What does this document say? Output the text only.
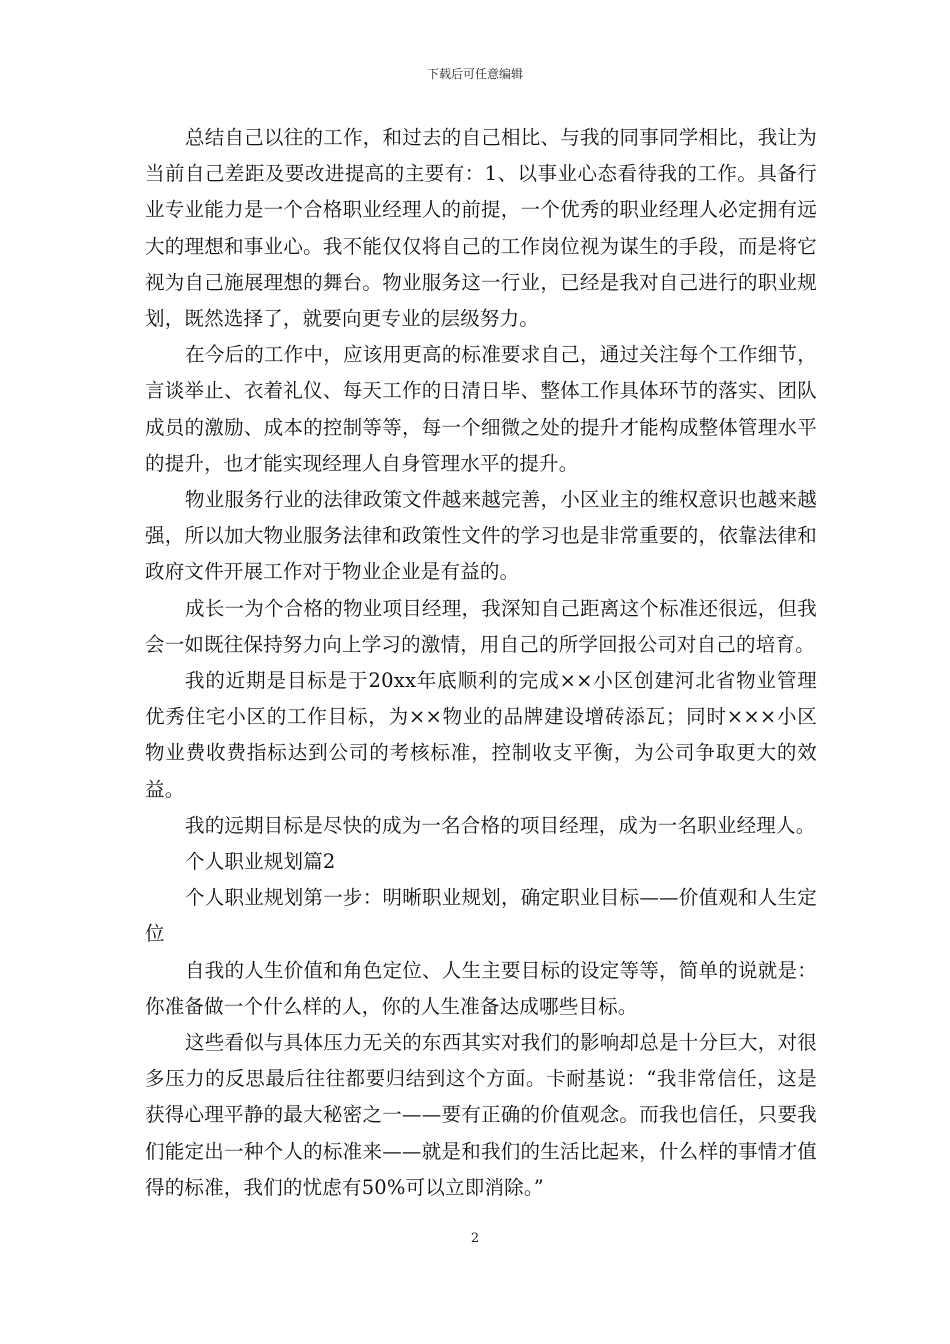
下载后可任意编辑

总结自己以往的工作，和过去的自己相比、与我的同事同学相比，我让为当前自己差距及要改进提高的主要有：1、以事业心态看待我的工作。具备行业专业能力是一个合格职业经理人的前提，一个优秀的职业经理人必定拥有远大的理想和事业心。我不能仅仅将自己的工作岗位视为谋生的手段，而是将它视为自己施展理想的舞台。物业服务这一行业，已经是我对自己进行的职业规划，既然选择了，就要向更专业的层级努力。

在今后的工作中，应该用更高的标准要求自己，通过关注每个工作细节，言谈举止、衣着礼仪、每天工作的日清日毕、整体工作具体环节的落实、团队成员的激励、成本的控制等等，每一个细微之处的提升才能构成整体管理水平的提升，也才能实现经理人自身管理水平的提升。

物业服务行业的法律政策文件越来越完善，小区业主的维权意识也越来越强，所以加大物业服务法律和政策性文件的学习也是非常重要的，依靠法律和政府文件开展工作对于物业企业是有益的。

成长一为个合格的物业项目经理，我深知自己距离这个标准还很远，但我会一如既往保持努力向上学习的激情，用自己的所学回报公司对自己的培育。

我的近期是目标是于20xx年底顺利的完成××小区创建河北省物业管理优秀住宅小区的工作目标，为××物业的品牌建设增砖添瓦；同时×××小区物业费收费指标达到公司的考核标准，控制收支平衡，为公司争取更大的效益。

我的远期目标是尽快的成为一名合格的项目经理，成为一名职业经理人。

个人职业规划篇2

个人职业规划第一步：明晰职业规划，确定职业目标——价值观和人生定位

自我的人生价值和角色定位、人生主要目标的设定等等，简单的说就是：你准备做一个什么样的人，你的人生准备达成哪些目标。

这些看似与具体压力无关的东西其实对我们的影响却总是十分巨大，对很多压力的反思最后往往都要归结到这个方面。卡耐基说：“我非常信任，这是获得心理平静的最大秘密之一——要有正确的价值观念。而我也信任，只要我们能定出一种个人的标准来——就是和我们的生活比起来，什么样的事情才值得的标准，我们的忧虑有50%可以立即消除。”

2
